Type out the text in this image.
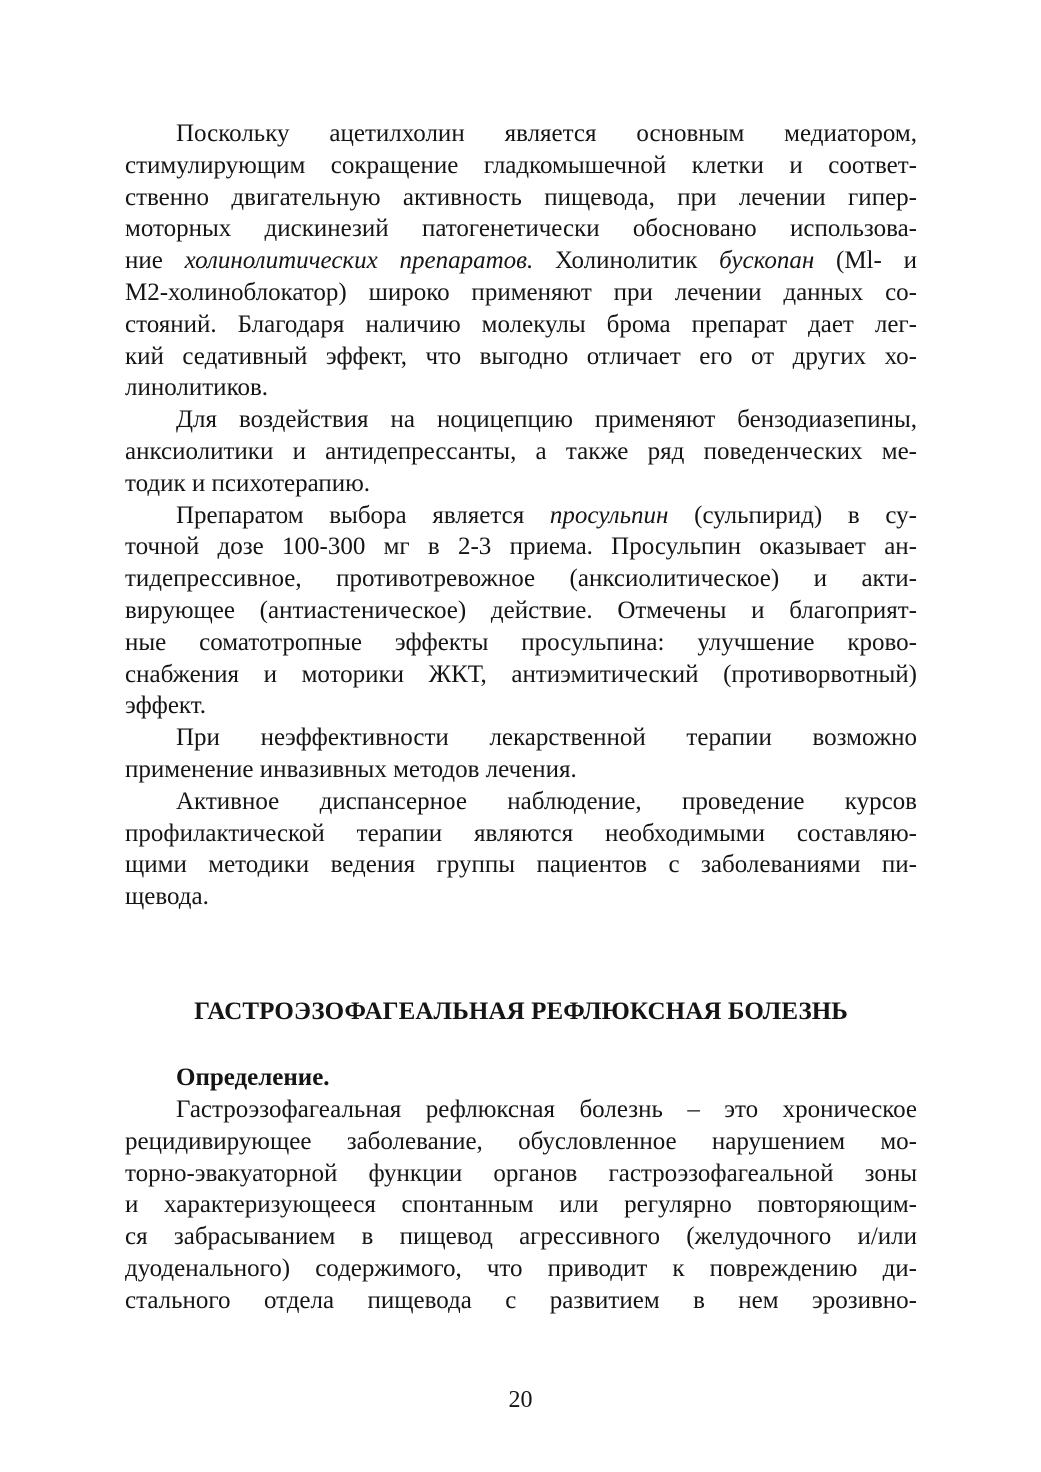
Поскольку ацетилхолин является основным медиатором,
стимулирующим сокращение гладкомышечной клетки и соответ-
ственно двигательную активность пищевода, при лечении гипер-
моторных дискинезий патогенетически обосновано использова-
ние холинолитических препаратов. Холинолитик бускопан (Ml- и
М2-холиноблокатор) широко применяют при лечении данных со-
стояний. Благодаря наличию молекулы брома препарат дает лег-
кий седативный эффект, что выгодно отличает его от других хо-
линолитиков.
Для воздействия на ноцицепцию применяют бензодиазепины,
анксиолитики и антидепрессанты, а также ряд поведенческих ме-
тодик и психотерапию.
Препаратом выбора является просульпин (сульпирид) в су-
точной дозе 100-300 мг в 2-3 приема. Просульпин оказывает ан-
тидепрессивное, противотревожное (анксиолитическое) и акти-
вирующее (антиастеническое) действие. Отмечены и благоприят-
ные соматотропные эффекты просульпина: улучшение крово-
снабжения и моторики ЖКТ, антиэмитический (противорвотный)
эффект.
При неэффективности лекарственной терапии возможно
применение инвазивных методов лечения.
Активное диспансерное наблюдение, проведение курсов
профилактической терапии являются необходимыми составляю-
щими методики ведения группы пациентов с заболеваниями пи-
щевода.
ГАСТРОЭЗОФАГЕАЛЬНАЯ РЕФЛЮКСНАЯ БОЛЕЗНЬ
Определение.
Гастроэзофагеальная рефлюксная болезнь – это хроническое
рецидивирующее заболевание, обусловленное нарушением мо-
торно-эвакуаторной функции органов гастроэзофагеальной зоны
и характеризующееся спонтанным или регулярно повторяющим-
ся забрасыванием в пищевод агрессивного (желудочного и/или
дуоденального) содержимого, что приводит к повреждению ди-
стального отдела пищевода с развитием в нем эрозивно-
20
